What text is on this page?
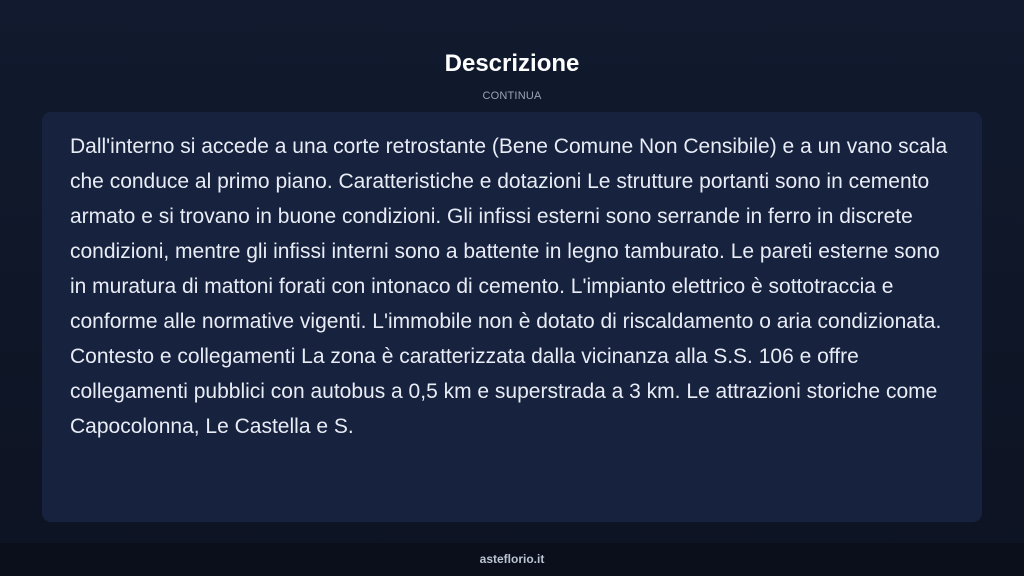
Descrizione
CONTINUA

Dall'interno si accede a una corte retrostante (Bene Comune Non Censibile) e a un vano scala che conduce al primo piano. Caratteristiche e dotazioni Le strutture portanti sono in cemento armato e si trovano in buone condizioni. Gli infissi esterni sono serrande in ferro in discrete condizioni, mentre gli infissi interni sono a battente in legno tamburato. Le pareti esterne sono in muratura di mattoni forati con intonaco di cemento. L'impianto elettrico è sottotraccia e conforme alle normative vigenti. L'immobile non è dotato di riscaldamento o aria condizionata. Contesto e collegamenti La zona è caratterizzata dalla vicinanza alla S.S. 106 e offre collegamenti pubblici con autobus a 0,5 km e superstrada a 3 km. Le attrazioni storiche come Capocolonna, Le Castella e S.

asteflorio.it
